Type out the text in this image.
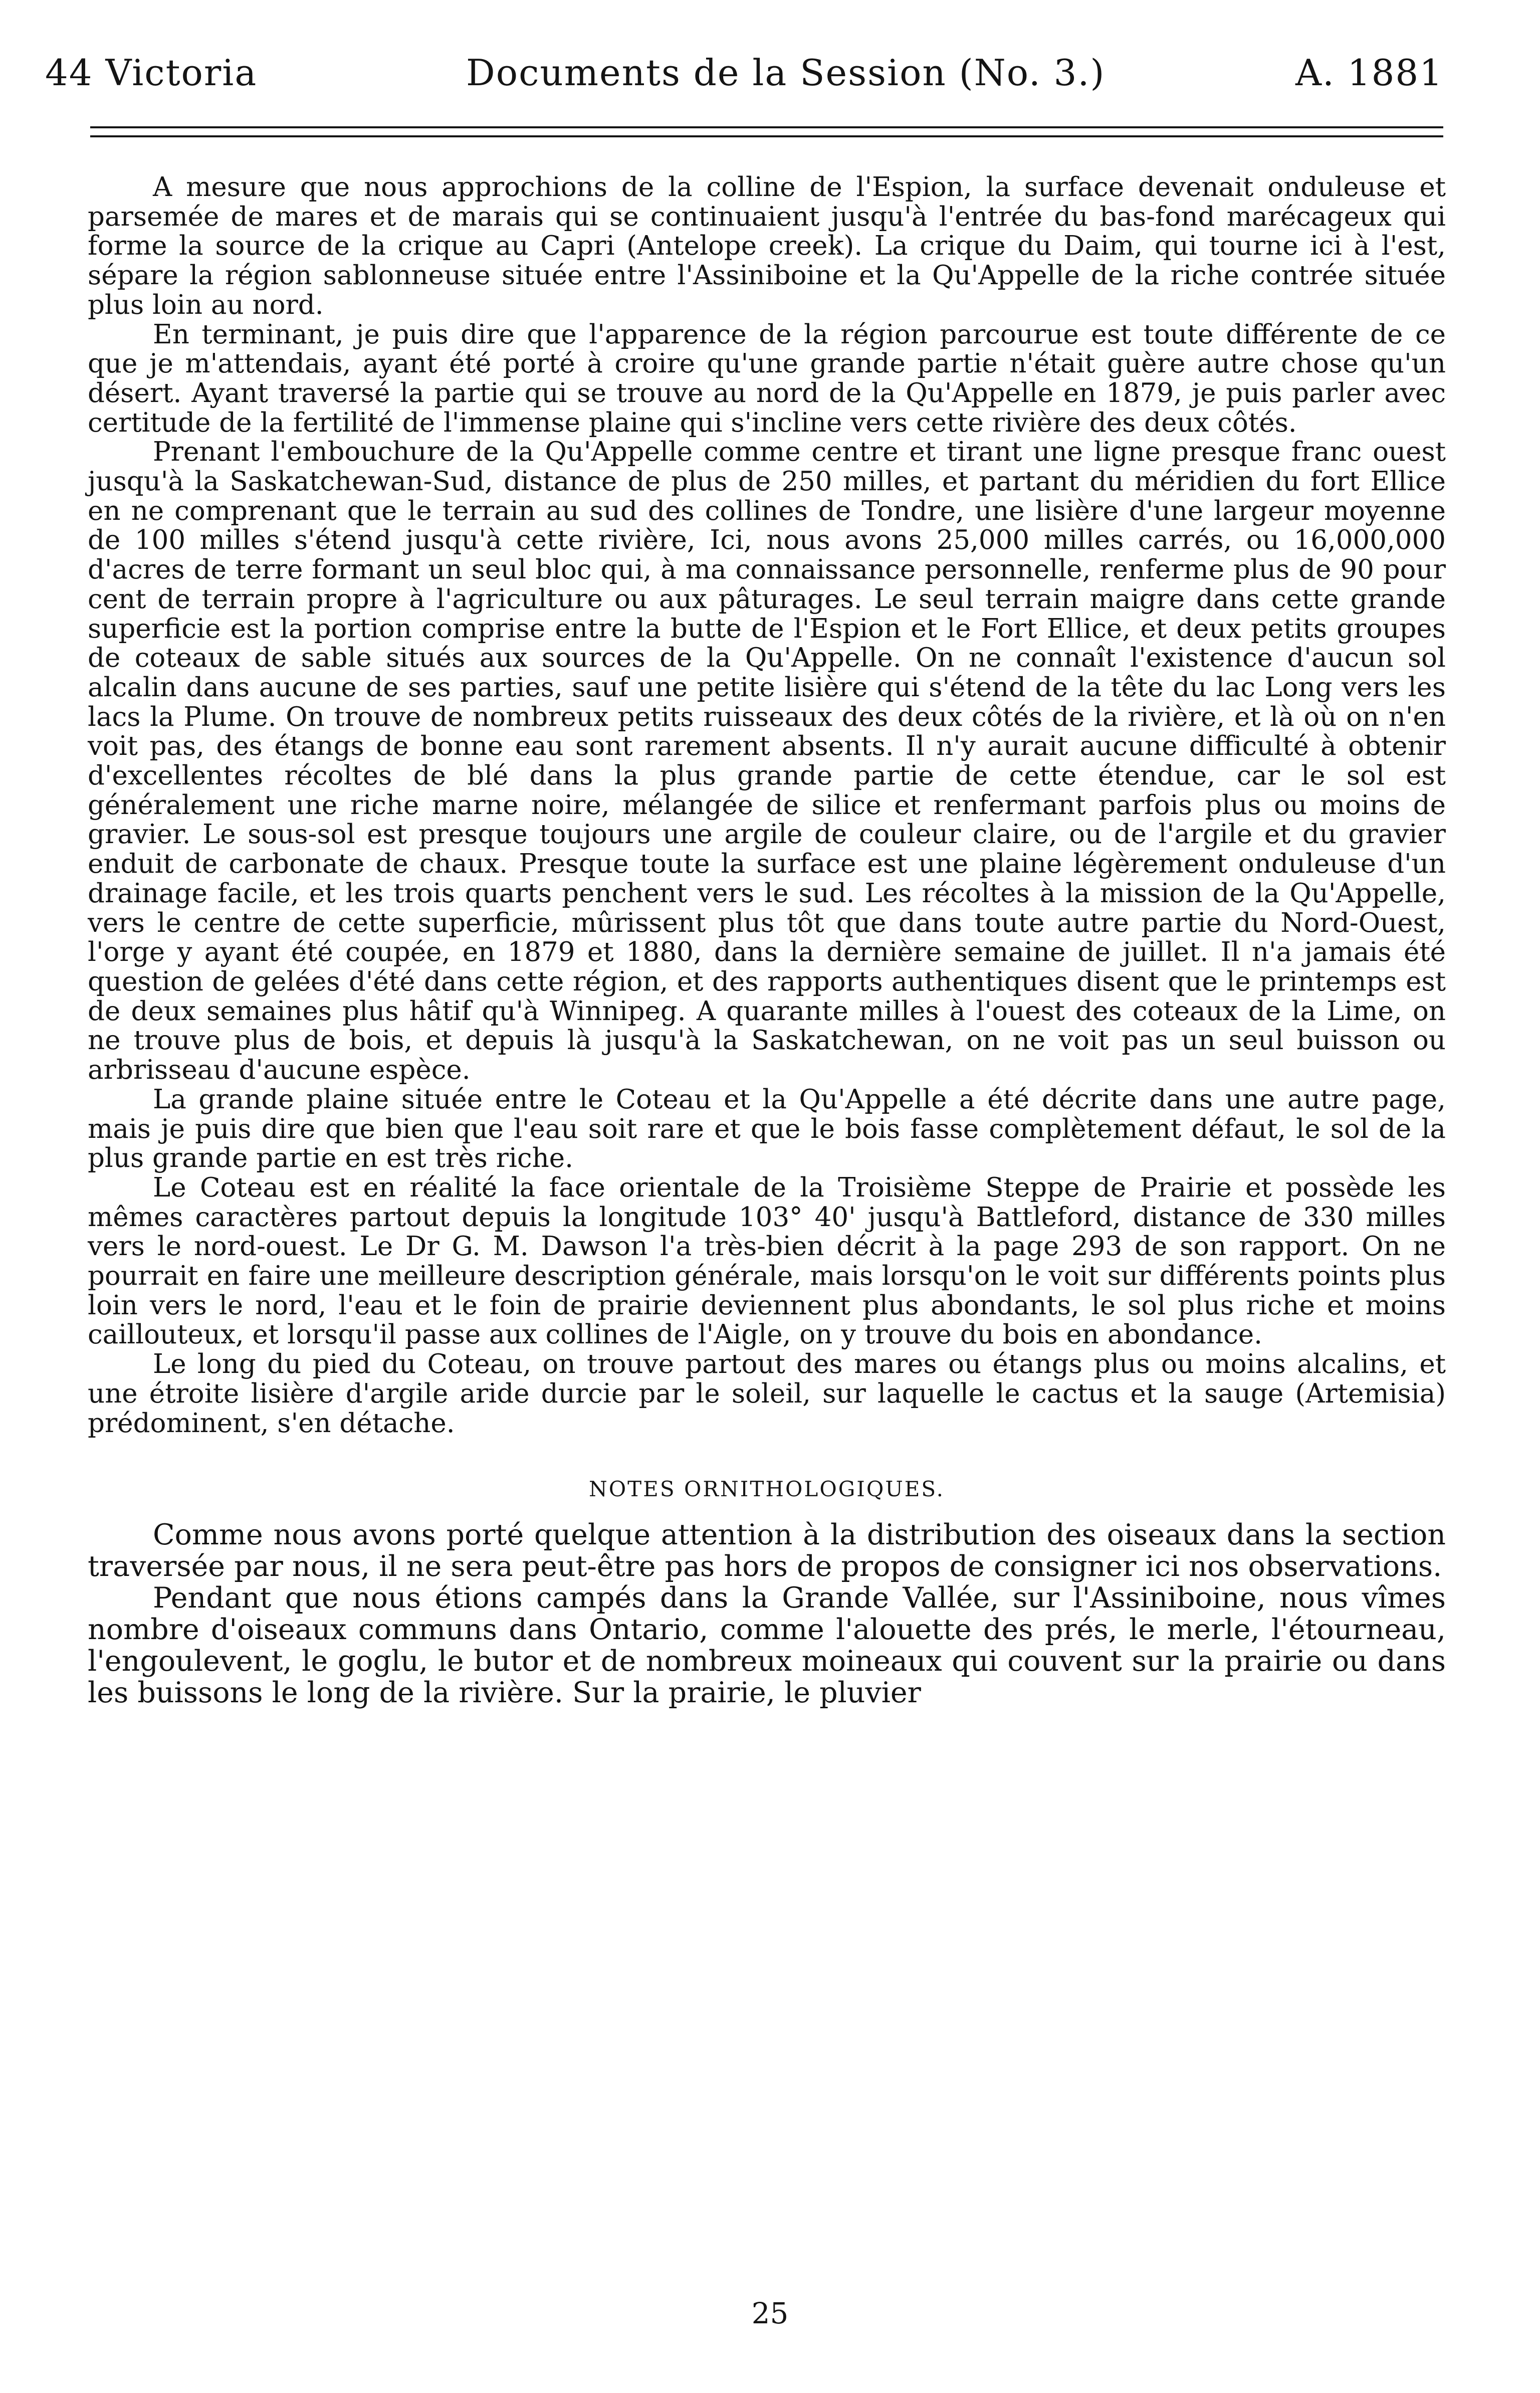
44 Victoria	Documents de la Session (No. 3.)	A. 1881

A mesure que nous approchions de la colline de l'Espion, la surface devenait onduleuse et parsemée de mares et de marais qui se continuaient jusqu'à l'entrée du bas-fond marécageux qui forme la source de la crique au Capri (Antelope creek). La crique du Daim, qui tourne ici à l'est, sépare la région sablonneuse située entre l'Assiniboine et la Qu'Appelle de la riche contrée située plus loin au nord.

En terminant, je puis dire que l'apparence de la région parcourue est toute différente de ce que je m'attendais, ayant été porté à croire qu'une grande partie n'était guère autre chose qu'un désert. Ayant traversé la partie qui se trouve au nord de la Qu'Appelle en 1879, je puis parler avec certitude de la fertilité de l'immense plaine qui s'incline vers cette rivière des deux côtés.

Prenant l'embouchure de la Qu'Appelle comme centre et tirant une ligne presque franc ouest jusqu'à la Saskatchewan-Sud, distance de plus de 250 milles, et partant du méridien du fort Ellice en ne comprenant que le terrain au sud des collines de Tondre, une lisière d'une largeur moyenne de 100 milles s'étend jusqu'à cette rivière, Ici, nous avons 25,000 milles carrés, ou 16,000,000 d'acres de terre formant un seul bloc qui, à ma connaissance personnelle, renferme plus de 90 pour cent de terrain propre à l'agriculture ou aux pâturages. Le seul terrain maigre dans cette grande superficie est la portion comprise entre la butte de l'Espion et le Fort Ellice, et deux petits groupes de coteaux de sable situés aux sources de la Qu'Appelle. On ne connaît l'existence d'aucun sol alcalin dans aucune de ses parties, sauf une petite lisière qui s'étend de la tête du lac Long vers les lacs la Plume. On trouve de nombreux petits ruisseaux des deux côtés de la rivière, et là où on n'en voit pas, des étangs de bonne eau sont rarement absents. Il n'y aurait aucune difficulté à obtenir d'excellentes récoltes de blé dans la plus grande partie de cette étendue, car le sol est généralement une riche marne noire, mélangée de silice et renfermant parfois plus ou moins de gravier. Le sous-sol est presque toujours une argile de couleur claire, ou de l'argile et du gravier enduit de carbonate de chaux. Presque toute la surface est une plaine légèrement onduleuse d'un drainage facile, et les trois quarts penchent vers le sud. Les récoltes à la mission de la Qu'Appelle, vers le centre de cette superficie, mûrissent plus tôt que dans toute autre partie du Nord-Ouest, l'orge y ayant été coupée, en 1879 et 1880, dans la dernière semaine de juillet. Il n'a jamais été question de gelées d'été dans cette région, et des rapports authentiques disent que le printemps est de deux semaines plus hâtif qu'à Winnipeg. A quarante milles à l'ouest des coteaux de la Lime, on ne trouve plus de bois, et depuis là jusqu'à la Saskatchewan, on ne voit pas un seul buisson ou arbrisseau d'aucune espèce.

La grande plaine située entre le Coteau et la Qu'Appelle a été décrite dans une autre page, mais je puis dire que bien que l'eau soit rare et que le bois fasse complètement défaut, le sol de la plus grande partie en est très riche.

Le Coteau est en réalité la face orientale de la Troisième Steppe de Prairie et possède les mêmes caractères partout depuis la longitude 103° 40' jusqu'à Battleford, distance de 330 milles vers le nord-ouest. Le Dr G. M. Dawson l'a très-bien décrit à la page 293 de son rapport. On ne pourrait en faire une meilleure description générale, mais lorsqu'on le voit sur différents points plus loin vers le nord, l'eau et le foin de prairie deviennent plus abondants, le sol plus riche et moins caillouteux, et lorsqu'il passe aux collines de l'Aigle, on y trouve du bois en abondance.

Le long du pied du Coteau, on trouve partout des mares ou étangs plus ou moins alcalins, et une étroite lisière d'argile aride durcie par le soleil, sur laquelle le cactus et la sauge (Artemisia) prédominent, s'en détache.

NOTES ORNITHOLOGIQUES.

Comme nous avons porté quelque attention à la distribution des oiseaux dans la section traversée par nous, il ne sera peut-être pas hors de propos de consigner ici nos observations.

Pendant que nous étions campés dans la Grande Vallée, sur l'Assiniboine, nous vîmes nombre d'oiseaux communs dans Ontario, comme l'alouette des prés, le merle, l'étourneau, l'engoulevent, le goglu, le butor et de nombreux moineaux qui couvent sur la prairie ou dans les buissons le long de la rivière. Sur la prairie, le pluvier

25
